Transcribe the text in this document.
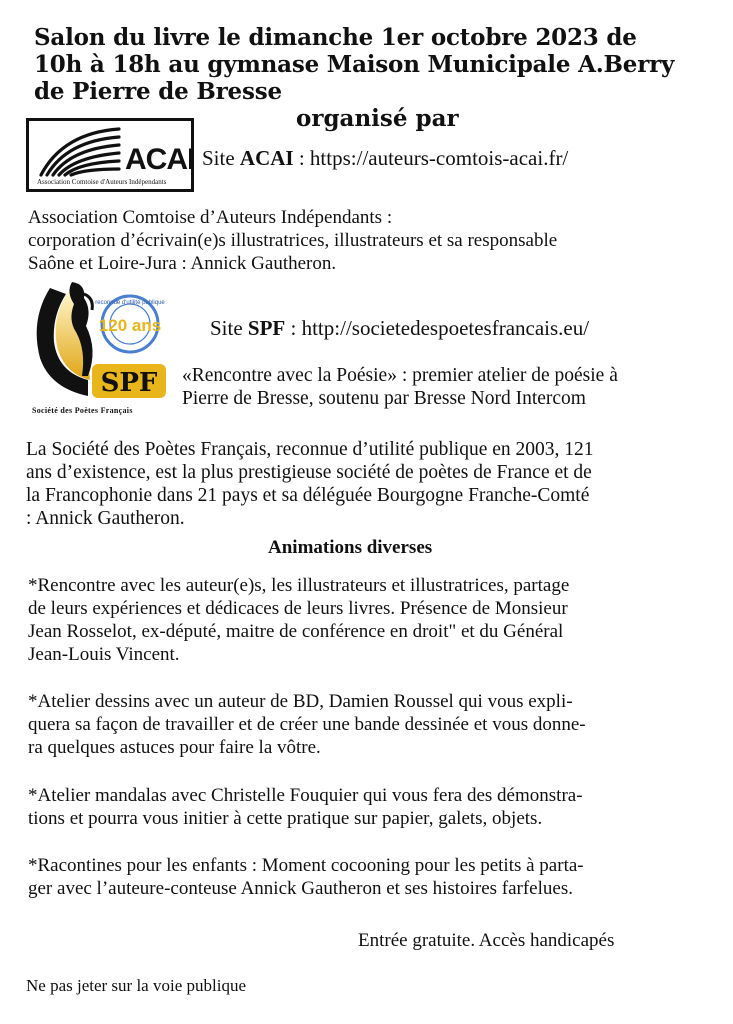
Salon du livre le dimanche 1er octobre 2023 de
10h à 18h au gymnase Maison Municipale A.Berry
de Pierre de Bresse
organisé par
ACAI
Association Comtoise d'Auteurs Indépendants
Site ACAI : https://auteurs-comtois-acai.fr/
Association Comtoise d’Auteurs Indépendants :
corporation d’écrivain(e)s illustratrices, illustrateurs et sa responsable
Saône et Loire-Jura : Annick Gautheron.
120 ans
reconnue d'utilité publique
SPF
Société des Poètes Français
Site SPF : http://societedespoetesfrancais.eu/
«Rencontre avec la Poésie» : premier atelier de poésie à
Pierre de Bresse, soutenu par Bresse Nord Intercom
La Société des Poètes Français, reconnue d’utilité publique en 2003, 121
ans d’existence, est la plus prestigieuse société de poètes de France et de
la Francophonie dans 21 pays et sa déléguée Bourgogne Franche-Comté
: Annick Gautheron.
Animations diverses
*Rencontre avec les auteur(e)s, les illustrateurs et illustratrices, partage
de leurs expériences et dédicaces de leurs livres. Présence de Monsieur
Jean Rosselot, ex-député, maitre de conférence en droit" et du Général
Jean-Louis Vincent.
*Atelier dessins avec un auteur de BD, Damien Roussel qui vous expli-
quera sa façon de travailler et de créer une bande dessinée et vous donne-
ra quelques astuces pour faire la vôtre.
*Atelier mandalas avec Christelle Fouquier qui vous fera des démonstra-
tions et pourra vous initier à cette pratique sur papier, galets, objets.
*Racontines pour les enfants : Moment cocooning pour les petits à parta-
ger avec l’auteure-conteuse Annick Gautheron et ses histoires farfelues.
Entrée gratuite. Accès handicapés
Ne pas jeter sur la voie publique
